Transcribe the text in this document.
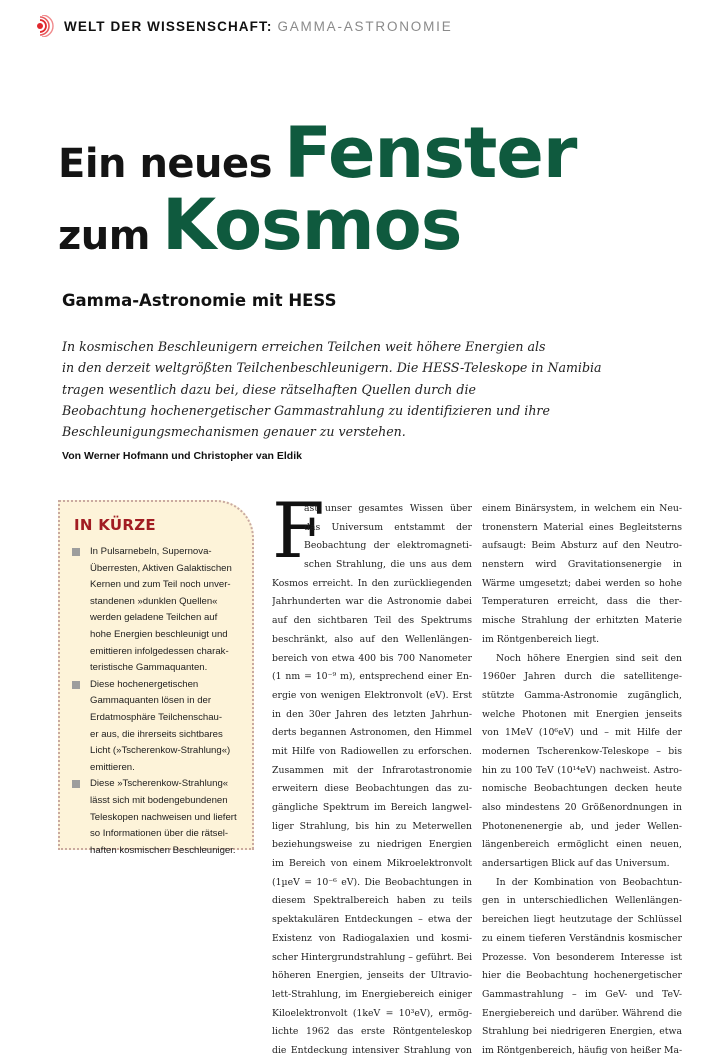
WELT DER WISSENSCHAFT: GAMMA-ASTRONOMIE
Ein neues Fenster
zum Kosmos
Gamma-Astronomie mit HESS
In kosmischen Beschleunigern erreichen Teilchen weit höhere Energien als
in den derzeit weltgrößten Teilchenbeschleunigern. Die HESS-Teleskope in Namibia
tragen wesentlich dazu bei, diese rätselhaften Quellen durch die
Beobachtung hochenergetischer Gammastrahlung zu identifizieren und ihre
Beschleunigungsmechanismen genauer zu verstehen.
Von Werner Hofmann und Christopher van Eldik
IN KÜRZE
In Pulsarnebeln, Supernova-
Überresten, Aktiven Galaktischen
Kernen und zum Teil noch unver-
standenen »dunklen Quellen«
werden geladene Teilchen auf
hohe Energien beschleunigt und
emittieren infolgedessen charak-
teristische Gammaquanten.
Diese hochenergetischen
Gammaquanten lösen in der
Erdatmosphäre Teilchenschau-
er aus, die ihrerseits sichtbares
Licht (»Tscherenkow-Strahlung«)
emittieren.
Diese »Tscherenkow-Strahlung«
lässt sich mit bodengebundenen
Teleskopen nachweisen und liefert
so Informationen über die rätsel-
haften kosmischen Beschleuniger.
F
ast unser gesamtes Wissen über
das Universum entstammt der
Beobachtung der elektromagneti-
schen Strahlung, die uns aus dem
Kosmos erreicht. In den zurückliegenden
Jahrhunderten war die Astronomie dabei
auf den sichtbaren Teil des Spektrums
beschränkt, also auf den Wellenlängen-
bereich von etwa 400 bis 700 Nanometer
(1 nm = 10⁻⁹ m), entsprechend einer En-
ergie von wenigen Elektronvolt (eV). Erst
in den 30er Jahren des letzten Jahrhun-
derts begannen Astronomen, den Himmel
mit Hilfe von Radiowellen zu erforschen.
Zusammen mit der Infrarotastronomie
erweitern diese Beobachtungen das zu-
gängliche Spektrum im Bereich langwel-
liger Strahlung, bis hin zu Meterwellen
beziehungsweise zu niedrigen Energien
im Bereich von einem Mikroelektronvolt
(1µeV = 10⁻⁶ eV). Die Beobachtungen in
diesem Spektralbereich haben zu teils
spektakulären Entdeckungen – etwa der
Existenz von Radiogalaxien und kosmi-
scher Hintergrundstrahlung – geführt. Bei
höheren Energien, jenseits der Ultravio-
lett-Strahlung, im Energiebereich einiger
Kiloelektronvolt (1keV = 10³eV), ermög-
lichte 1962 das erste Röntgenteleskop
die Entdeckung intensiver Strahlung von
einem Binärsystem, in welchem ein Neu-
tronenstern Material eines Begleitsterns
aufsaugt: Beim Absturz auf den Neutro-
nenstern wird Gravitationsenergie in
Wärme umgesetzt; dabei werden so hohe
Temperaturen erreicht, dass die ther-
mische Strahlung der erhitzten Materie
im Röntgenbereich liegt.
Noch höhere Energien sind seit den
1960er Jahren durch die satellitenge-
stützte Gamma-Astronomie zugänglich,
welche Photonen mit Energien jenseits
von 1MeV (10⁶eV) und – mit Hilfe der
modernen Tscherenkow-Teleskope – bis
hin zu 100 TeV (10¹⁴eV) nachweist. Astro-
nomische Beobachtungen decken heute
also mindestens 20 Größenordnungen in
Photonenenergie ab, und jeder Wellen-
längenbereich ermöglicht einen neuen,
andersartigen Blick auf das Universum.
In der Kombination von Beobachtun-
gen in unterschiedlichen Wellenlängen-
bereichen liegt heutzutage der Schlüssel
zu einem tieferen Verständnis kosmischer
Prozesse. Von besonderem Interesse ist
hier die Beobachtung hochenergetischer
Gammastrahlung – im GeV- und TeV-
Energiebereich und darüber. Während die
Strahlung bei niedrigeren Energien, etwa
im Röntgenbereich, häufig von heißer Ma-
